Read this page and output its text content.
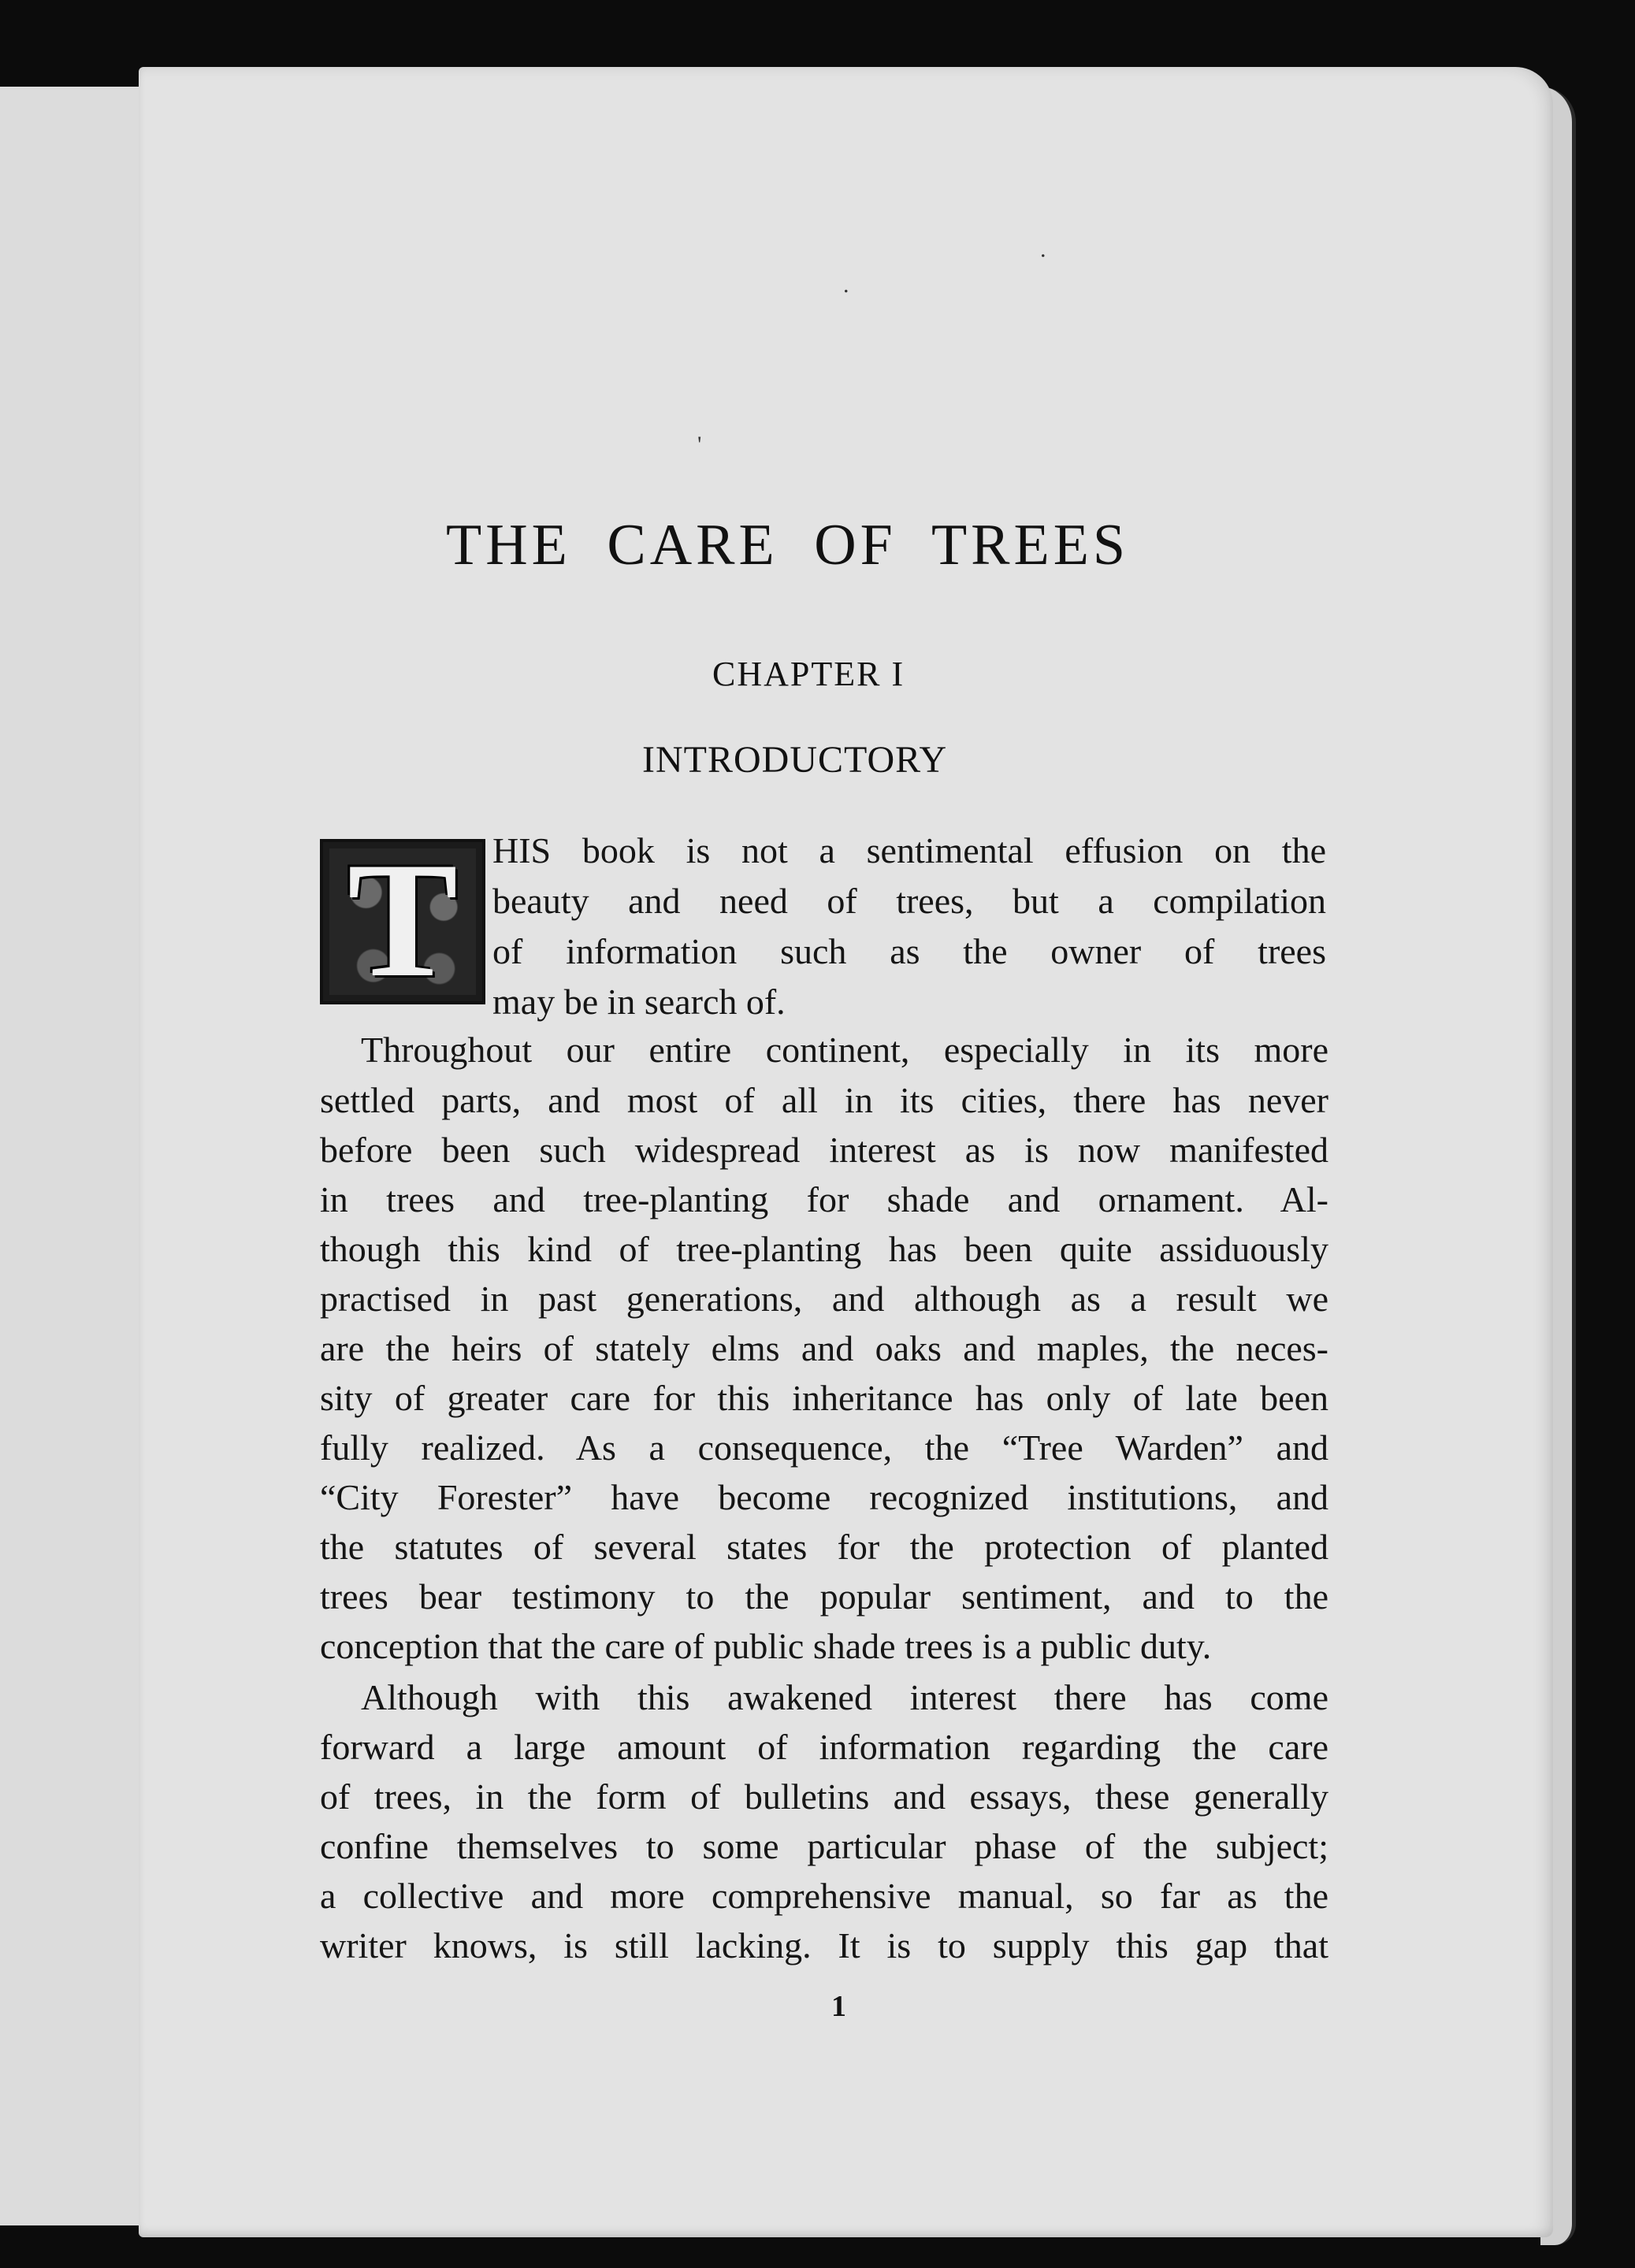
'
.
.
THE CARE OF TREES
CHAPTER I
INTRODUCTORY
T HIS book is not a sentimental effusion on the
beauty and need of trees, but a compilation
of information such as the owner of trees
may be in search of.
Throughout our entire continent, especially in its more
settled parts, and most of all in its cities, there has never
before been such widespread interest as is now manifested
in trees and tree-planting for shade and ornament. Al-
though this kind of tree-planting has been quite assiduously
practised in past generations, and although as a result we
are the heirs of stately elms and oaks and maples, the neces-
sity of greater care for this inheritance has only of late been
fully realized. As a consequence, the “Tree Warden” and
“City Forester” have become recognized institutions, and
the statutes of several states for the protection of planted
trees bear testimony to the popular sentiment, and to the
conception that the care of public shade trees is a public duty.
Although with this awakened interest there has come
forward a large amount of information regarding the care
of trees, in the form of bulletins and essays, these generally
confine themselves to some particular phase of the subject;
a collective and more comprehensive manual, so far as the
writer knows, is still lacking. It is to supply this gap that
1
